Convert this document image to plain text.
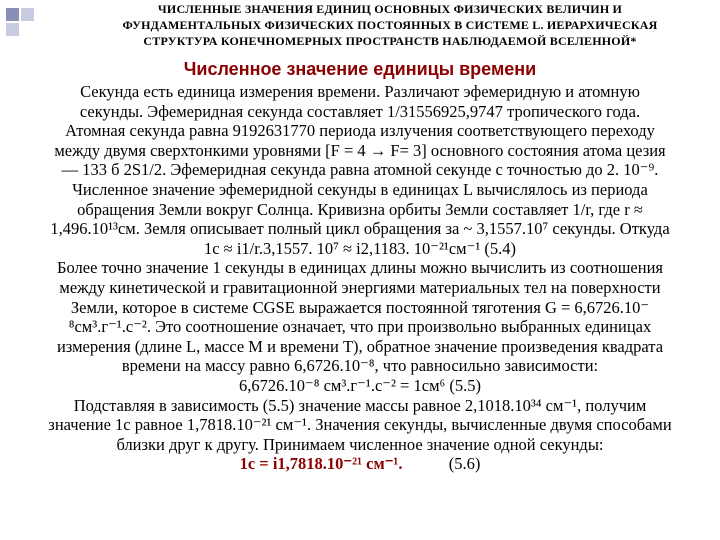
ЧИСЛЕННЫЕ ЗНАЧЕНИЯ ЕДИНИЦ ОСНОВНЫХ ФИЗИЧЕСКИХ ВЕЛИЧИН И
ФУНДАМЕНТАЛЬНЫХ ФИЗИЧЕСКИХ ПОСТОЯННЫХ В СИСТЕМЕ L. ИЕРАРХИЧЕСКАЯ
СТРУКТУРА КОНЕЧНОМЕРНЫХ ПРОСТРАНСТВ НАБЛЮДАЕМОЙ ВСЕЛЕННОЙ*
Численное значение единицы времени
Секунда есть единица измерения времени. Различают эфемеридную и атомную
секунды. Эфемеридная секунда составляет 1/31556925,9747 тропического года.
Атомная секунда равна 9192631770 периода излучения соответствующего переходу
между двумя сверхтонкими уровнями [F = 4 → F= 3] основного состояния атома цезия
— 133 б 2S1/2. Эфемеридная секунда равна атомной секунде с точностью до 2. 10⁻⁹.
Численное значение эфемеридной секунды в единицах L вычислялось из периода
обращения Земли вокруг Солнца. Кривизна орбиты Земли составляет 1/r, где r ≈
1,496.10¹³см. Земля описывает полный цикл обращения за ~ 3,1557.10⁷ секунды. Откуда
1с ≈ i1/r.3,1557. 10⁷ ≈ i2,1183. 10⁻²¹см⁻¹ (5.4)
Более точно значение 1 секунды в единицах длины можно вычислить из соотношения
между кинетической и гравитационной энергиями материальных тел на поверхности
Земли, которое в системе CGSE выражается постоянной тяготения G = 6,6726.10⁻
⁸см³.г⁻¹.с⁻². Это соотношение означает, что при произвольно выбранных единицах
измерения (длине L, массе M и времени T), обратное значение произведения квадрата
времени на массу равно 6,6726.10⁻⁸, что равносильно зависимости:
6,6726.10⁻⁸ см³.г⁻¹.с⁻² = 1см⁶ (5.5)
Подставляя в зависимость (5.5) значение массы равное 2,1018.10³⁴ см⁻¹, получим
значение 1с равное 1,7818.10⁻²¹ см⁻¹. Значения секунды, вычисленные двумя способами
близки друг к другу. Принимаем численное значение одной секунды:
1с = i1,7818.10⁻²¹ см⁻¹.	(5.6)
